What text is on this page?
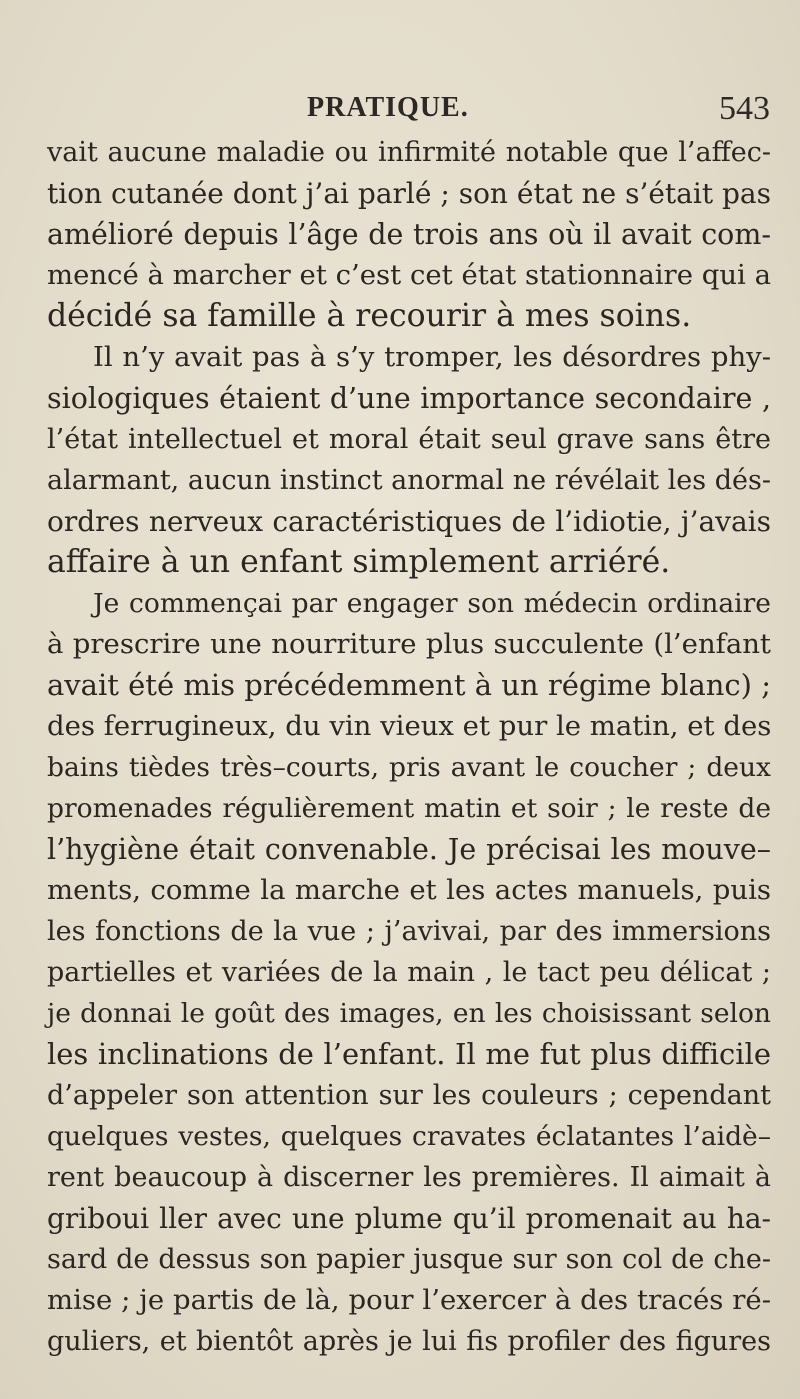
PRATIQUE.	543
vait aucune maladie ou infirmité notable que l’affec-
tion cutanée dont j’ai parlé ; son état ne s’était pas
amélioré depuis l’âge de trois ans où il avait com-
mencé à marcher et c’est cet état stationnaire qui a
décidé sa famille à recourir à mes soins.
Il n’y avait pas à s’y tromper, les désordres phy-
siologiques étaient d’une importance secondaire ,
l’état intellectuel et moral était seul grave sans être
alarmant, aucun instinct anormal ne révélait les dés-
ordres nerveux caractéristiques de l’idiotie, j’avais
affaire à un enfant simplement arriéré.
Je commençai par engager son médecin ordinaire
à prescrire une nourriture plus succulente (l’enfant
avait été mis précédemment à un régime blanc) ;
des ferrugineux, du vin vieux et pur le matin, et des
bains tièdes très–courts, pris avant le coucher ; deux
promenades régulièrement matin et soir ; le reste de
l’hygiène était convenable. Je précisai les mouve–
ments, comme la marche et les actes manuels, puis
les fonctions de la vue ; j’avivai, par des immersions
partielles et variées de la main , le tact peu délicat ;
je donnai le goût des images, en les choisissant selon
les inclinations de l’enfant. Il me fut plus difficile
d’appeler son attention sur les couleurs ; cependant
quelques vestes, quelques cravates éclatantes l’aidè–
rent beaucoup à discerner les premières. Il aimait à
griboui ller avec une plume qu’il promenait au ha-
sard de dessus son papier jusque sur son col de che-
mise ; je partis de là, pour l’exercer à des tracés ré-
guliers, et bientôt après je lui fis profiler des figures
